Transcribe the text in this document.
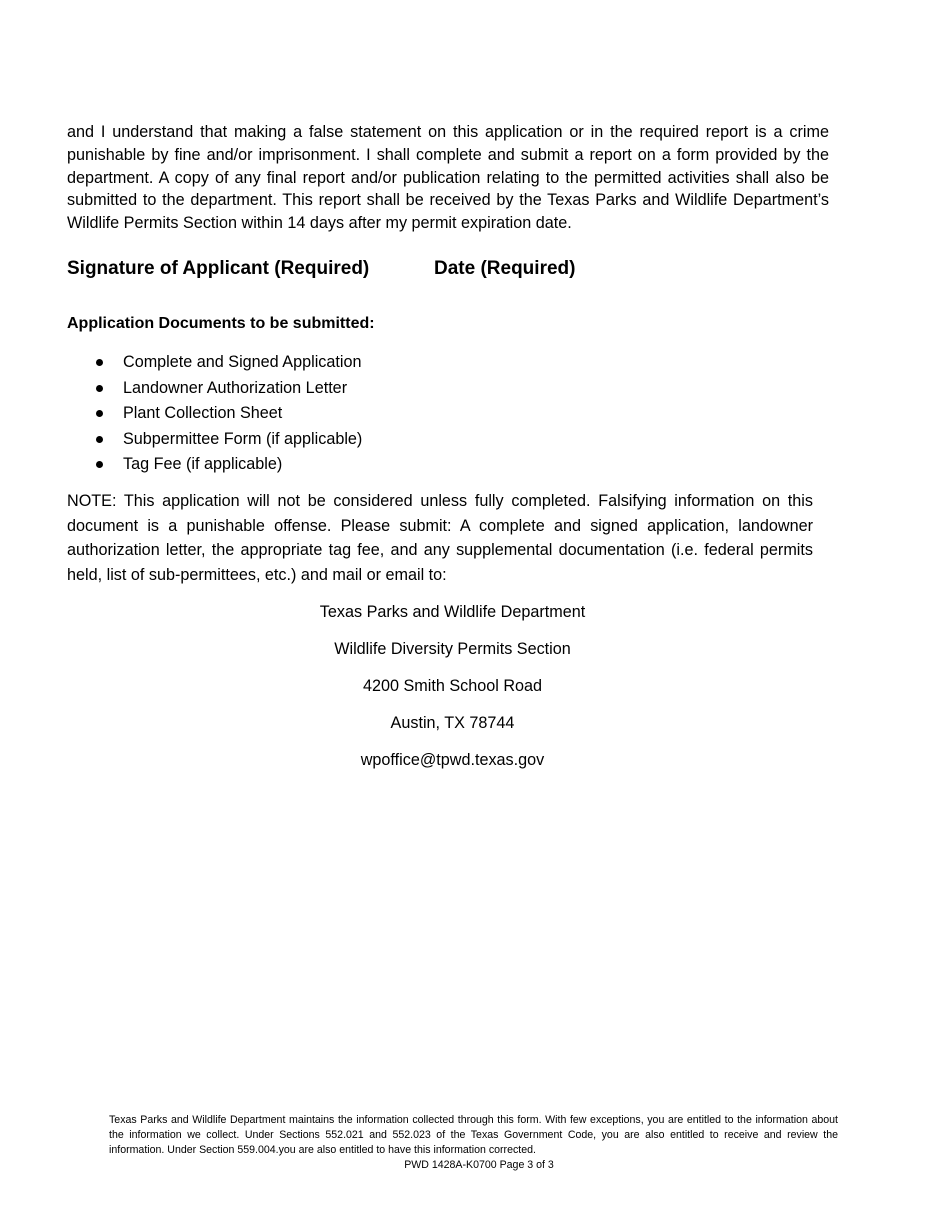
and I understand that making a false statement on this application or in the required report is a crime punishable by fine and/or imprisonment. I shall complete and submit a report on a form provided by the department. A copy of any final report and/or publication relating to the permitted activities shall also be submitted to the department. This report shall be received by the Texas Parks and Wildlife Department’s Wildlife Permits Section within 14 days after my permit expiration date.

Signature of Applicant (Required)	Date (Required)

Application Documents to be submitted:

Complete and Signed Application
Landowner Authorization Letter
Plant Collection Sheet
Subpermittee Form (if applicable)
Tag Fee (if applicable)

NOTE: This application will not be considered unless fully completed. Falsifying information on this document is a punishable offense. Please submit: A complete and signed application, landowner authorization letter, the appropriate tag fee, and any supplemental documentation (i.e. federal permits held, list of sub-permittees, etc.) and mail or email to:

Texas Parks and Wildlife Department
Wildlife Diversity Permits Section
4200 Smith School Road
Austin, TX 78744
wpoffice@tpwd.texas.gov

Texas Parks and Wildlife Department maintains the information collected through this form. With few exceptions, you are entitled to the information about the information we collect. Under Sections 552.021 and 552.023 of the Texas Government Code, you are also entitled to receive and review the information. Under Section 559.004.you are also entitled to have this information corrected.

PWD 1428A-K0700 Page 3 of 3
